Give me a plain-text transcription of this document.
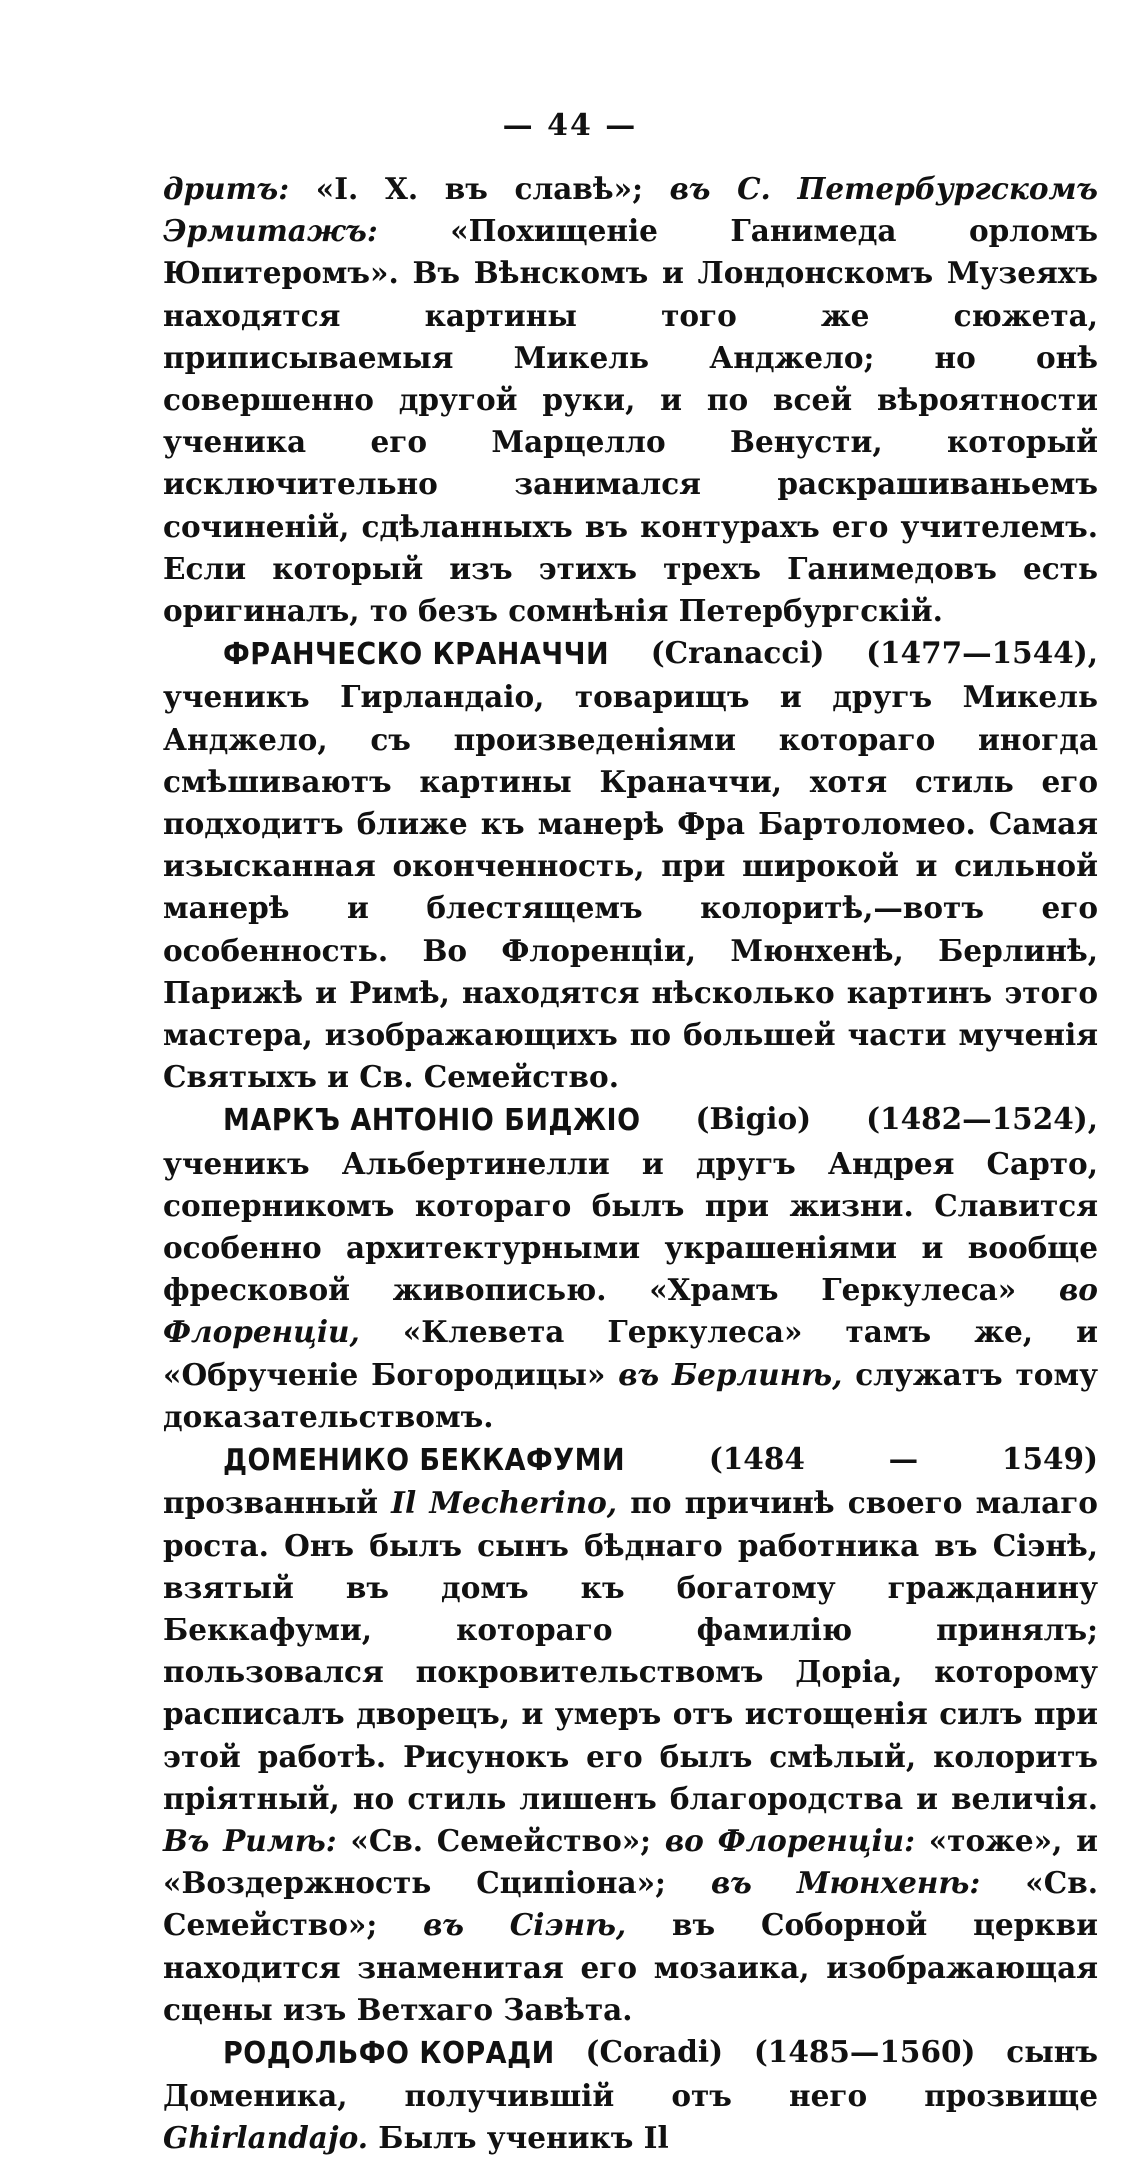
— 44 —

дритъ: «I. X. въ славѣ»; въ С. Петербургскомъ Эрмитажъ: «Похищеніе Ганимеда орломъ Юпитеромъ». Въ Вѣнскомъ и Лондонскомъ Музеяхъ находятся картины того же сюжета, приписываемыя Микель Анджело; но онѣ совершенно другой руки, и по всей вѣроятности ученика его Марцелло Венусти, который исключительно занимался раскрашиваньемъ сочиненій, сдѣланныхъ въ контурахъ его учителемъ. Если который изъ этихъ трехъ Ганимедовъ есть оригиналъ, то безъ сомнѣнія Петербургскій.

ФРАНЧЕСКО КРАНАЧЧИ (Cranacci) (1477—1544), ученикъ Гирландаіо, товарищъ и другъ Микель Анджело, съ произведеніями котораго иногда смѣшиваютъ картины Краначчи, хотя стиль его подходитъ ближе къ манерѣ Фра Бартоломео. Самая изысканная оконченность, при широкой и сильной манерѣ и блестящемъ колоритѣ,—вотъ его особенность. Во Флоренціи, Мюнхенѣ, Берлинѣ, Парижѣ и Римѣ, находятся нѣсколько картинъ этого мастера, изображающихъ по большей части мученія Святыхъ и Св. Семейство.

МАРКЪ АНТОНІО БИДЖІО (Bigio) (1482—1524), ученикъ Альбертинелли и другъ Андрея Сарто, соперникомъ котораго былъ при жизни. Славится особенно архитектурными украшеніями и вообще фресковой живописью. «Храмъ Геркулеса» во Флоренціи, «Клевета Геркулеса» тамъ же, и «Обрученіе Богородицы» въ Берлинѣ, служатъ тому доказательствомъ.

ДОМЕНИКО БЕККАФУМИ (1484 — 1549) прозванный Il Mecherino, по причинѣ своего малаго роста. Онъ былъ сынъ бѣднаго работника въ Сіэнѣ, взятый въ домъ къ богатому гражданину Беккафуми, котораго фамилію принялъ; пользовался покровительствомъ Доріа, которому расписалъ дворецъ, и умеръ отъ истощенія силъ при этой работѣ. Рисунокъ его былъ смѣлый, колоритъ пріятный, но стиль лишенъ благородства и величія. Въ Римѣ: «Св. Семейство»; во Флоренціи: «тоже», и «Воздержность Сципіона»; въ Мюнхенѣ: «Св. Семейство»; въ Сіэнѣ, въ Соборной церкви находится знаменитая его мозаика, изображающая сцены изъ Ветхаго Завѣта.

РОДОЛЬФО КОРАДИ (Coradi) (1485—1560) сынъ Доменика, получившій отъ него прозвище Ghirlandajo. Былъ ученикъ Il
